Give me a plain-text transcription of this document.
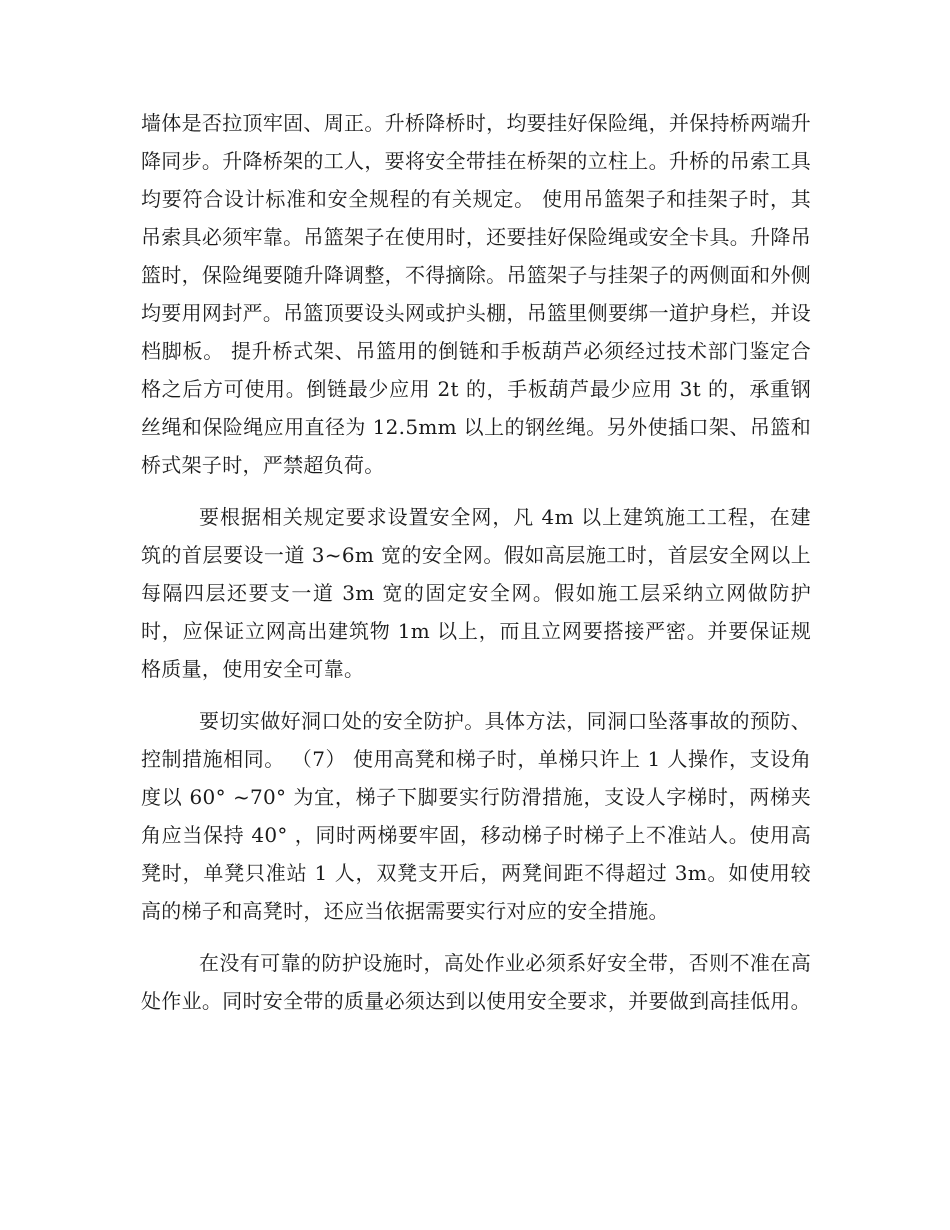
墙体是否拉顶牢固、周正。升桥降桥时，均要挂好保险绳，并保持桥两端升降同步。升降桥架的工人，要将安全带挂在桥架的立柱上。升桥的吊索工具均要符合设计标准和安全规程的有关规定。 使用吊篮架子和挂架子时，其吊索具必须牢靠。吊篮架子在使用时，还要挂好保险绳或安全卡具。升降吊篮时，保险绳要随升降调整，不得摘除。吊篮架子与挂架子的两侧面和外侧均要用网封严。吊篮顶要设头网或护头棚，吊篮里侧要绑一道护身栏，并设档脚板。 提升桥式架、吊篮用的倒链和手板葫芦必须经过技术部门鉴定合格之后方可使用。倒链最少应用 2t 的，手板葫芦最少应用 3t 的，承重钢丝绳和保险绳应用直径为 12.5mm 以上的钢丝绳。另外使插口架、吊篮和桥式架子时，严禁超负荷。

要根据相关规定要求设置安全网，凡 4m 以上建筑施工工程，在建筑的首层要设一道 3~6m 宽的安全网。假如高层施工时，首层安全网以上每隔四层还要支一道 3m 宽的固定安全网。假如施工层采纳立网做防护时，应保证立网高出建筑物 1m 以上，而且立网要搭接严密。并要保证规格质量，使用安全可靠。

要切实做好洞口处的安全防护。具体方法，同洞口坠落事故的预防、控制措施相同。 （7） 使用高凳和梯子时，单梯只许上 1 人操作，支设角度以 60° ~70° 为宜，梯子下脚要实行防滑措施，支设人字梯时，两梯夹角应当保持 40° ，同时两梯要牢固，移动梯子时梯子上不准站人。使用高凳时，单凳只准站 1 人，双凳支开后，两凳间距不得超过 3m。如使用较高的梯子和高凳时，还应当依据需要实行对应的安全措施。

在没有可靠的防护设施时，高处作业必须系好安全带，否则不准在高处作业。同时安全带的质量必须达到以使用安全要求，并要做到高挂低用。
